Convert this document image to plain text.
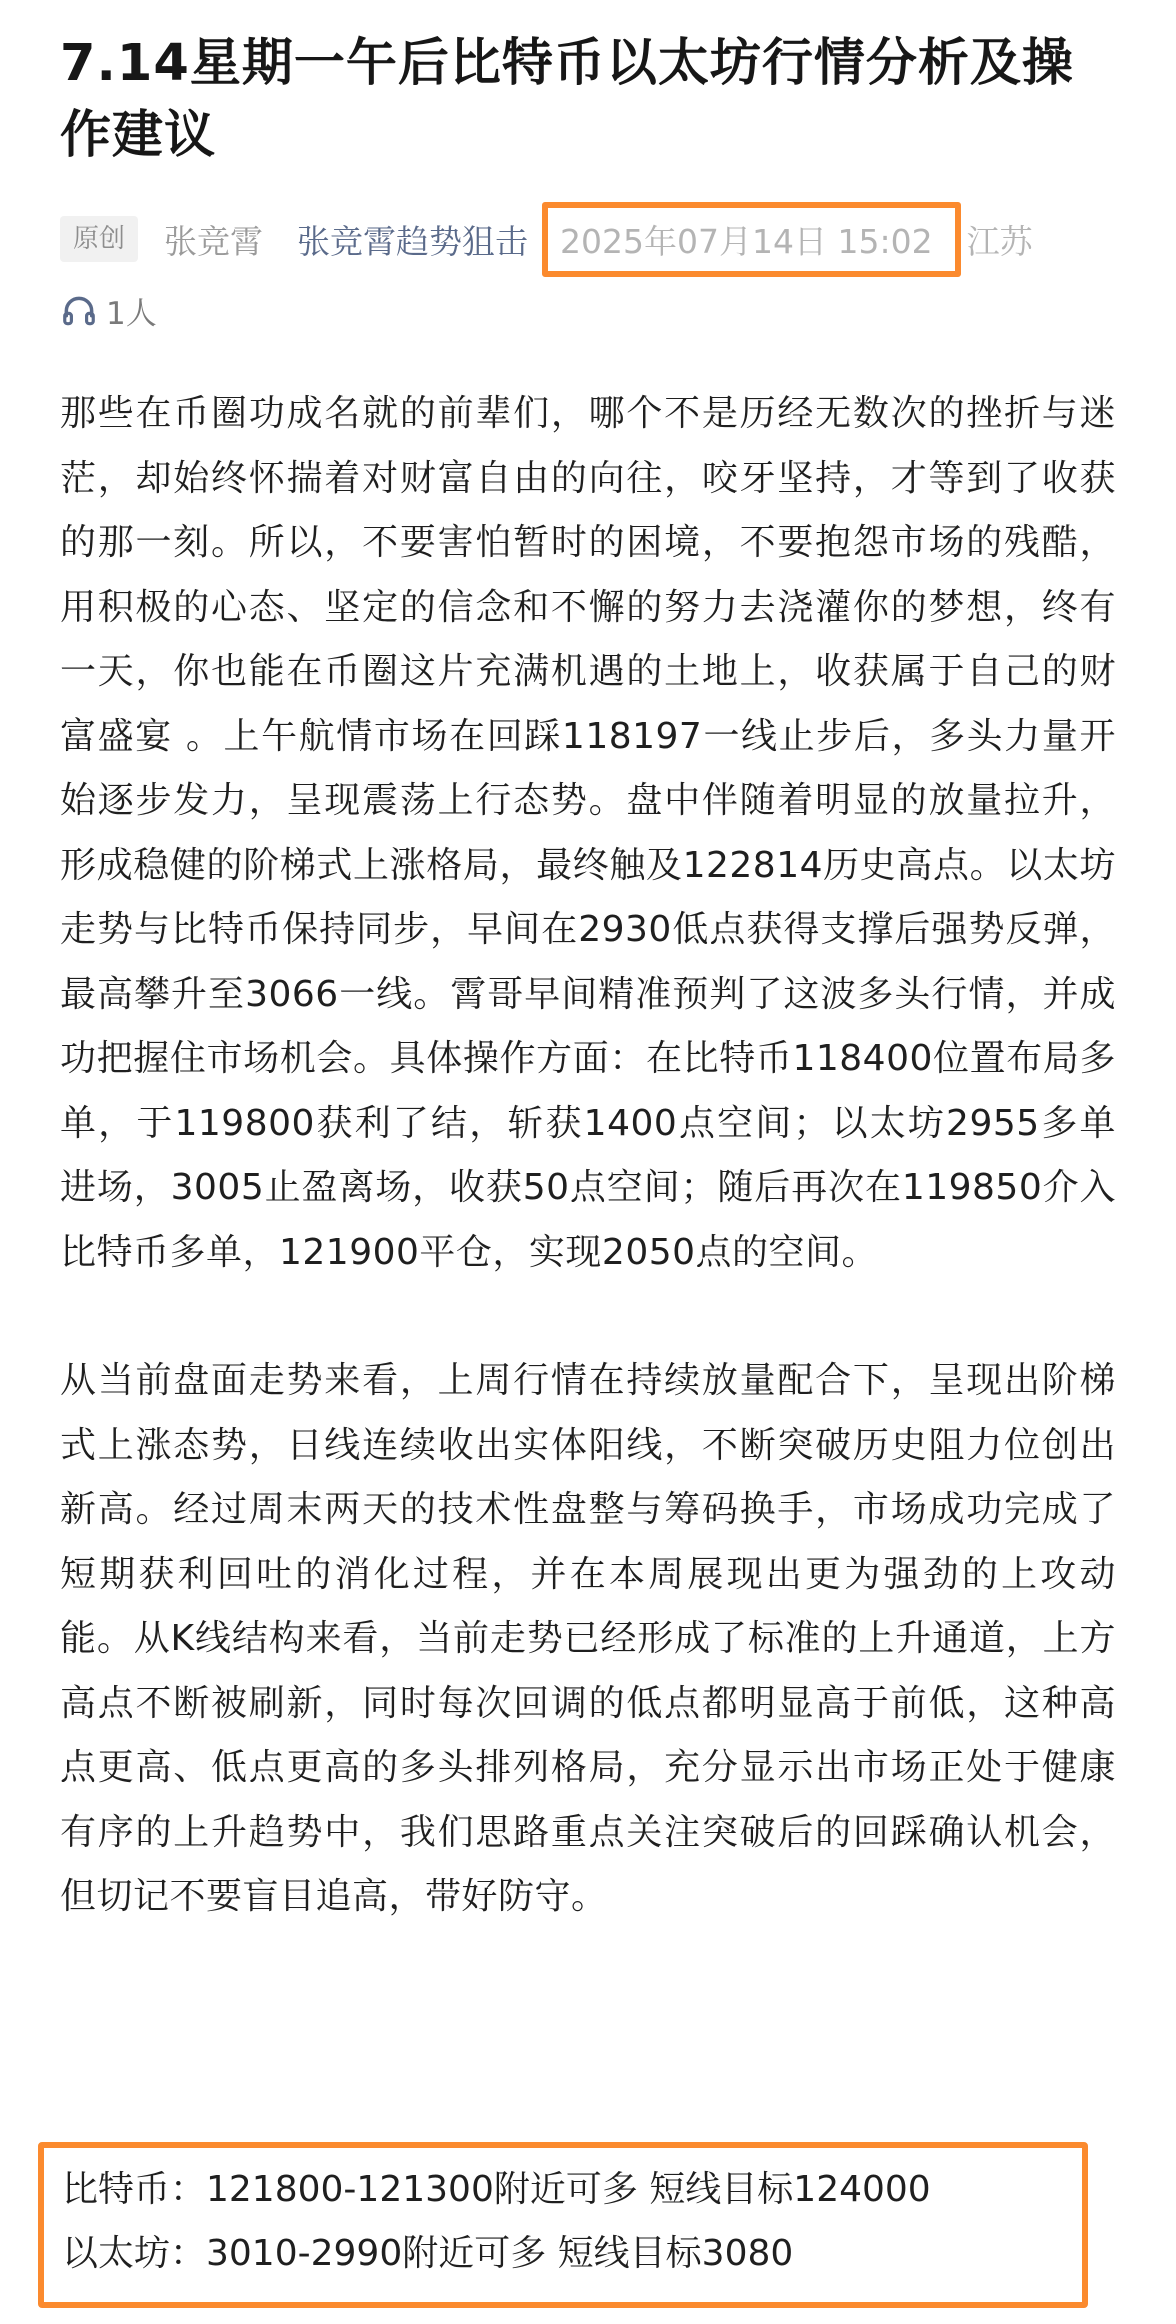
7.14星期一午后比特币以太坊行情分析及操作建议
原创	张竞霄 张竞霄趋势狙击 2025年07月14日 15:02	江苏
1人

那些在币圈功成名就的前辈们，哪个不是历经无数次的挫折与迷茫，却始终怀揣着对财富自由的向往，咬牙坚持，才等到了收获的那一刻。所以，不要害怕暂时的困境，不要抱怨市场的残酷，用积极的心态、坚定的信念和不懈的努力去浇灌你的梦想，终有一天，你也能在币圈这片充满机遇的土地上，收获属于自己的财富盛宴 。上午航情市场在回踩118197一线止步后，多头力量开始逐步发力，呈现震荡上行态势。盘中伴随着明显的放量拉升，形成稳健的阶梯式上涨格局，最终触及122814历史高点。以太坊走势与比特币保持同步，早间在2930低点获得支撑后强势反弹，最高攀升至3066一线。霄哥早间精准预判了这波多头行情，并成功把握住市场机会。具体操作方面：在比特币118400位置布局多单，于119800获利了结，斩获1400点空间；以太坊2955多单进场，3005止盈离场，收获50点空间；随后再次在119850介入比特币多单，121900平仓，实现2050点的空间。

从当前盘面走势来看，上周行情在持续放量配合下，呈现出阶梯式上涨态势，日线连续收出实体阳线，不断突破历史阻力位创出新高。经过周末两天的技术性盘整与筹码换手，市场成功完成了短期获利回吐的消化过程，并在本周展现出更为强劲的上攻动能。从K线结构来看，当前走势已经形成了标准的上升通道，上方高点不断被刷新，同时每次回调的低点都明显高于前低，这种高点更高、低点更高的多头排列格局，充分显示出市场正处于健康有序的上升趋势中，我们思路重点关注突破后的回踩确认机会，但切记不要盲目追高，带好防守。

比特币：121800-121300附近可多 短线目标124000
以太坊：3010-2990附近可多 短线目标3080
